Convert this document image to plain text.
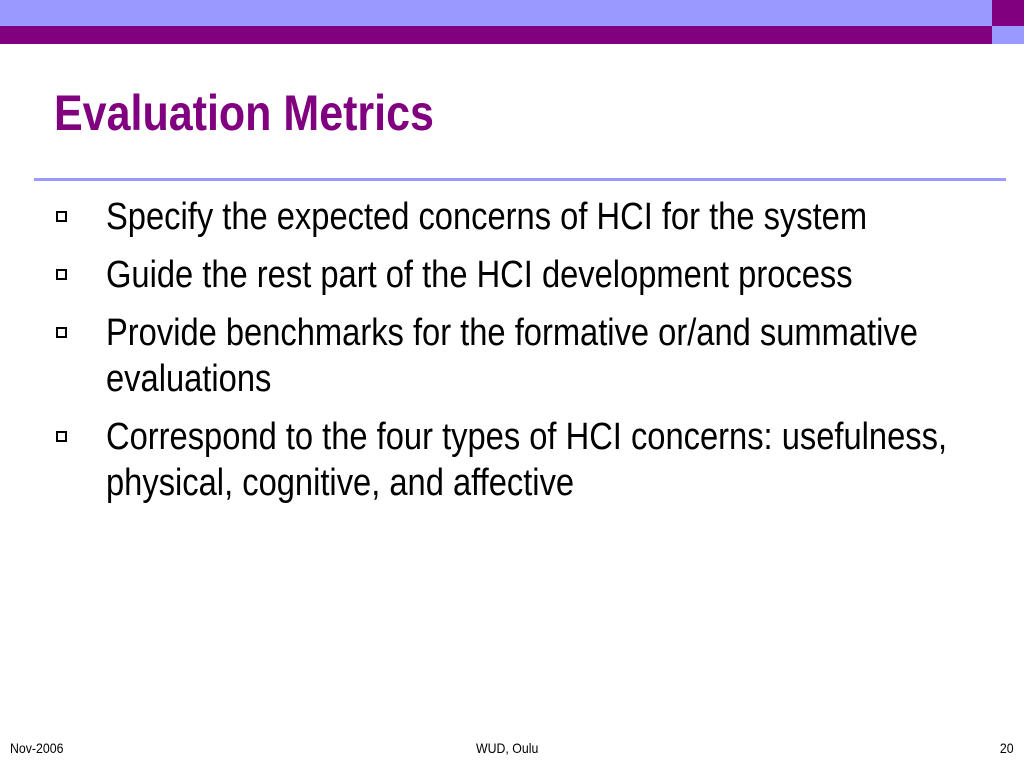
Evaluation Metrics
Specify the expected concerns of HCI for the system
Guide the rest part of the HCI development process
Provide benchmarks for the formative or/and summative evaluations
Correspond to the four types of HCI concerns: usefulness, physical, cognitive, and affective
Nov-2006	WUD, Oulu	20
